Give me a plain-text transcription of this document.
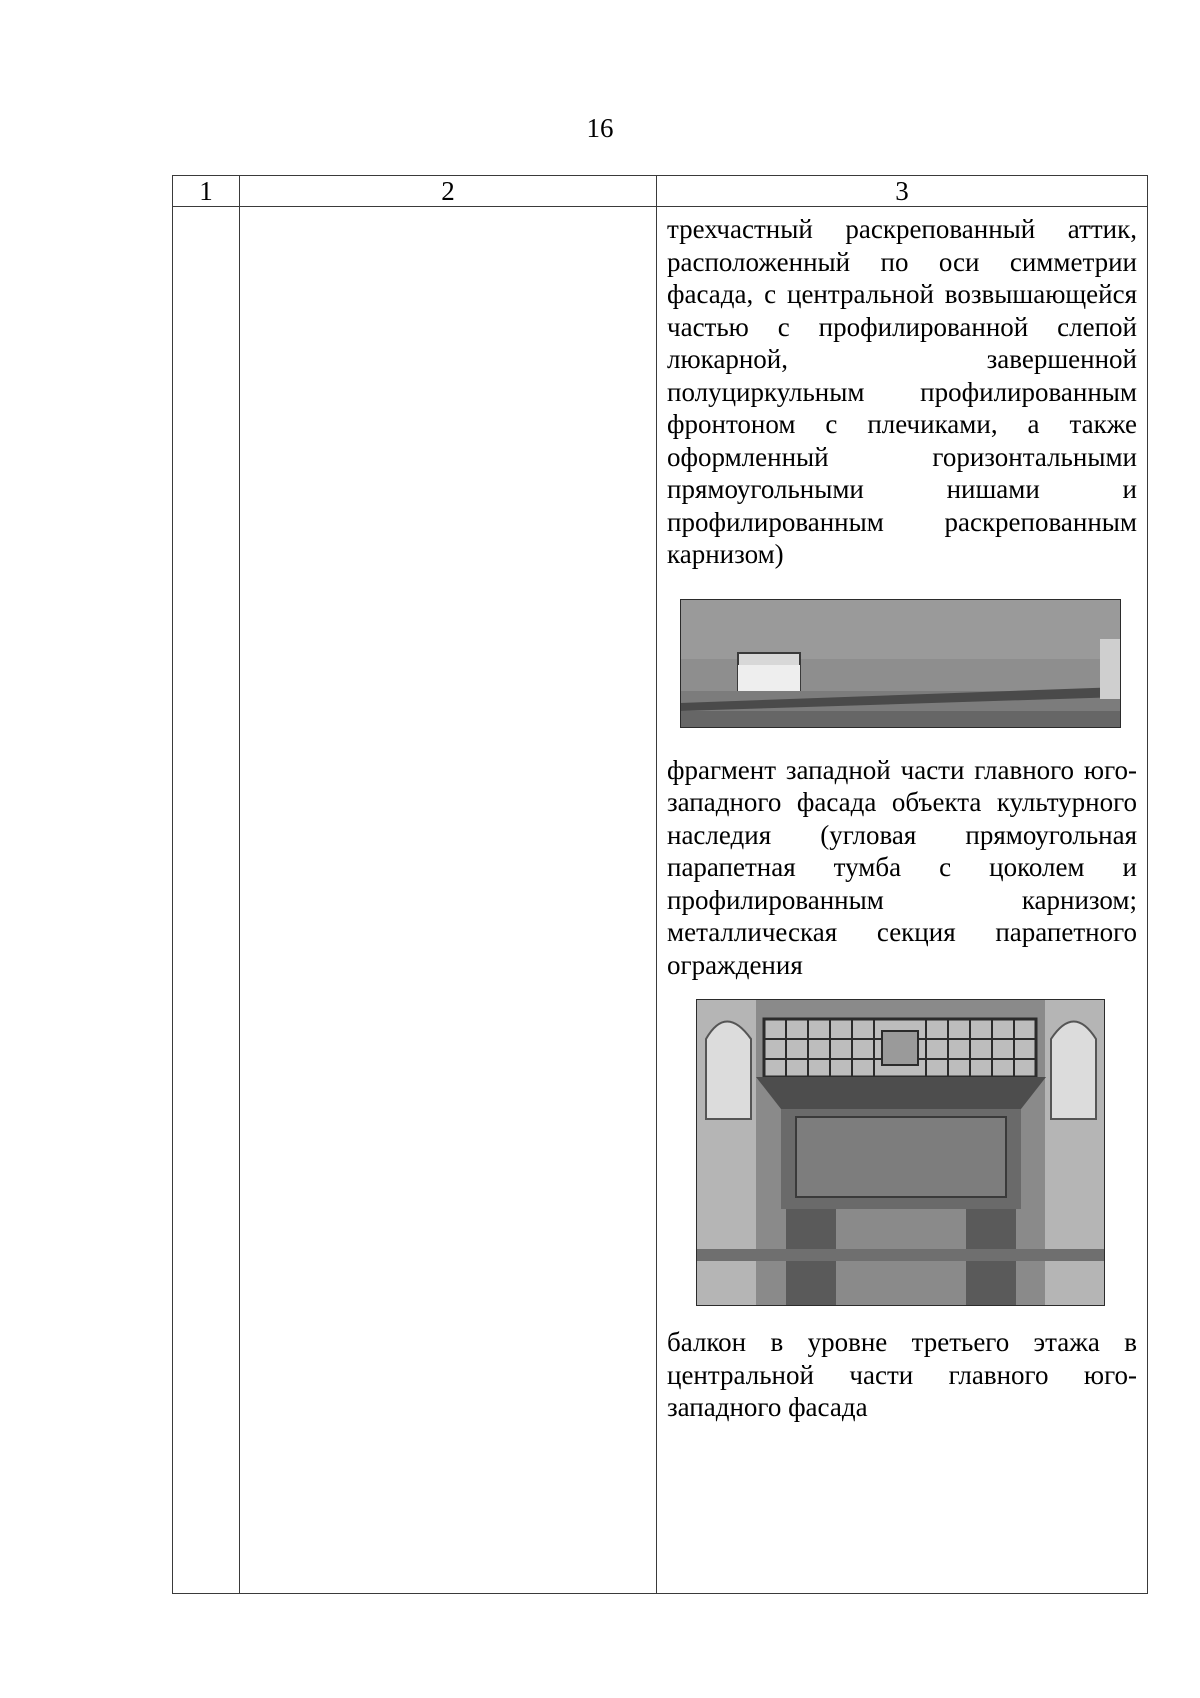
16
1	2	3

		трехчастный раскрепованный аттик, расположенный по оси симметрии фасада, с центральной возвышающейся частью с профилированной слепой люкарной, завершенной полуциркульным профилированным фронтоном с плечиками, а также оформленный горизонтальными прямоугольными нишами и профилированным раскрепованным карнизом)

фрагмент западной части главного юго-западного фасада объекта культурного наследия (угловая прямоугольная парапетная тумба с цоколем и профилированным карнизом; металлическая секция парапетного ограждения

балкон в уровне третьего этажа в центральной части главного юго-западного фасада
